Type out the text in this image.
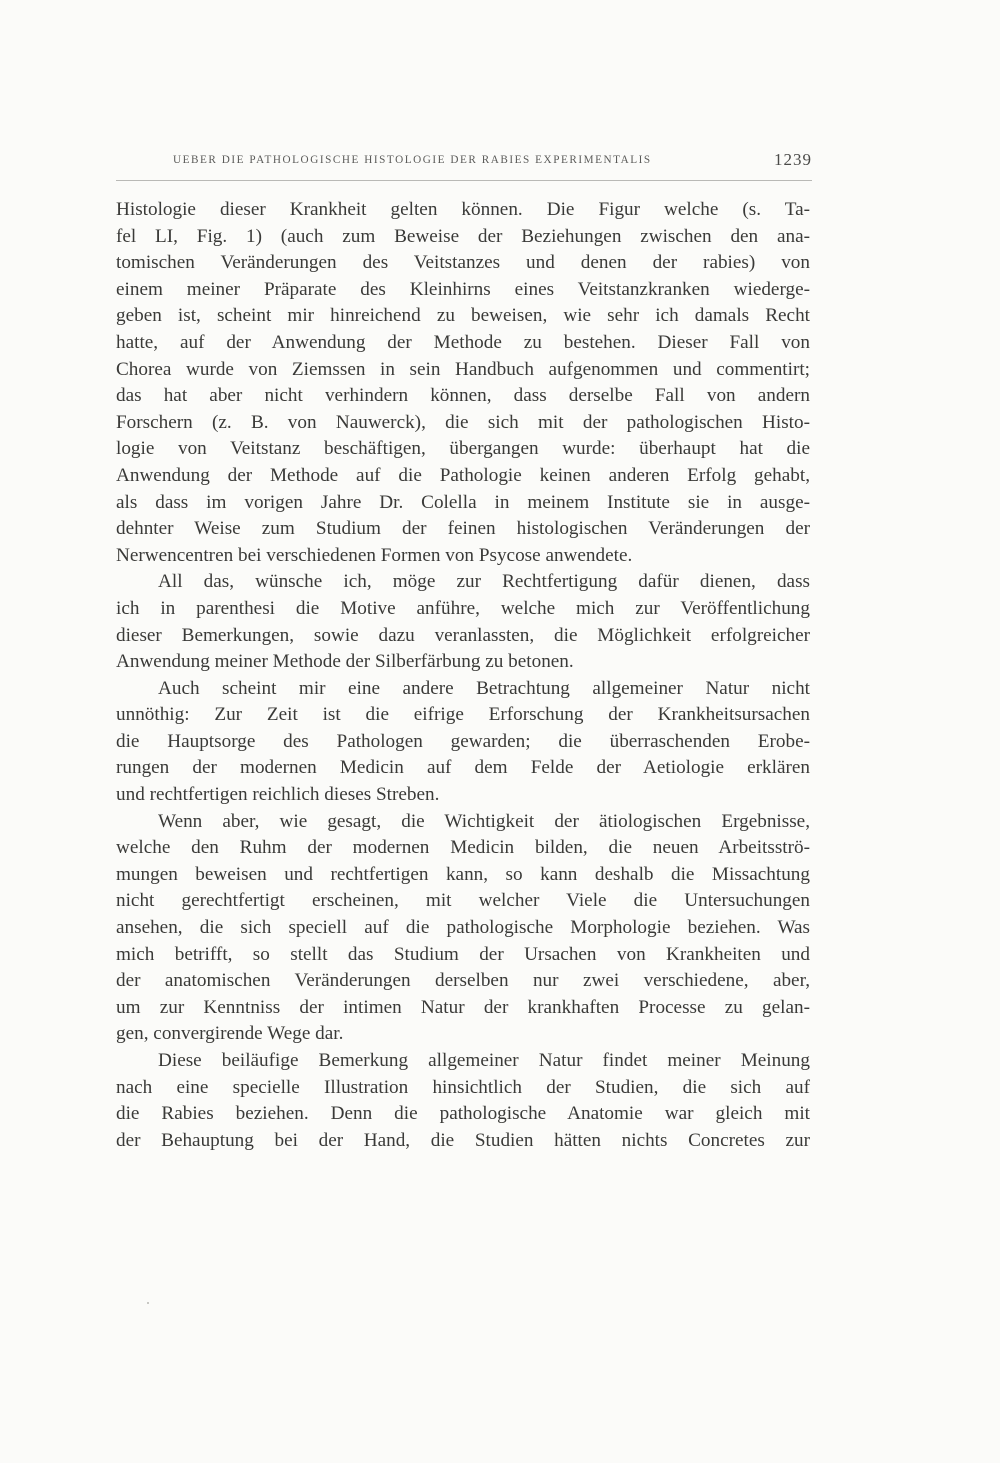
UEBER DIE PATHOLOGISCHE HISTOLOGIE DER RABIES EXPERIMENTALIS	1239
Histologie dieser Krankheit gelten können. Die Figur welche (s. Ta-
fel LI, Fig. 1) (auch zum Beweise der Beziehungen zwischen den ana-
tomischen Veränderungen des Veitstanzes und denen der rabies) von
einem meiner Präparate des Kleinhirns eines Veitstanzkranken wiederge-
geben ist, scheint mir hinreichend zu beweisen, wie sehr ich damals Recht
hatte, auf der Anwendung der Methode zu bestehen. Dieser Fall von
Chorea wurde von Ziemssen in sein Handbuch aufgenommen und commentirt;
das hat aber nicht verhindern können, dass derselbe Fall von andern
Forschern (z. B. von Nauwerck), die sich mit der pathologischen Histo-
logie von Veitstanz beschäftigen, übergangen wurde: überhaupt hat die
Anwendung der Methode auf die Pathologie keinen anderen Erfolg gehabt,
als dass im vorigen Jahre Dr. Colella in meinem Institute sie in ausge-
dehnter Weise zum Studium der feinen histologischen Veränderungen der
Nerwencentren bei verschiedenen Formen von Psycose anwendete.
All das, wünsche ich, möge zur Rechtfertigung dafür dienen, dass
ich in parenthesi die Motive anführe, welche mich zur Veröffentlichung
dieser Bemerkungen, sowie dazu veranlassten, die Möglichkeit erfolgreicher
Anwendung meiner Methode der Silberfärbung zu betonen.
Auch scheint mir eine andere Betrachtung allgemeiner Natur nicht
unnöthig: Zur Zeit ist die eifrige Erforschung der Krankheitsursachen
die Hauptsorge des Pathologen gewarden; die überraschenden Erobe-
rungen der modernen Medicin auf dem Felde der Aetiologie erklären
und rechtfertigen reichlich dieses Streben.
Wenn aber, wie gesagt, die Wichtigkeit der ätiologischen Ergebnisse,
welche den Ruhm der modernen Medicin bilden, die neuen Arbeitsströ-
mungen beweisen und rechtfertigen kann, so kann deshalb die Missachtung
nicht gerechtfertigt erscheinen, mit welcher Viele die Untersuchungen
ansehen, die sich speciell auf die pathologische Morphologie beziehen. Was
mich betrifft, so stellt das Studium der Ursachen von Krankheiten und
der anatomischen Veränderungen derselben nur zwei verschiedene, aber,
um zur Kenntniss der intimen Natur der krankhaften Processe zu gelan-
gen, convergirende Wege dar.
Diese beiläufige Bemerkung allgemeiner Natur findet meiner Meinung
nach eine specielle Illustration hinsichtlich der Studien, die sich auf
die Rabies beziehen. Denn die pathologische Anatomie war gleich mit
der Behauptung bei der Hand, die Studien hätten nichts Concretes zur
